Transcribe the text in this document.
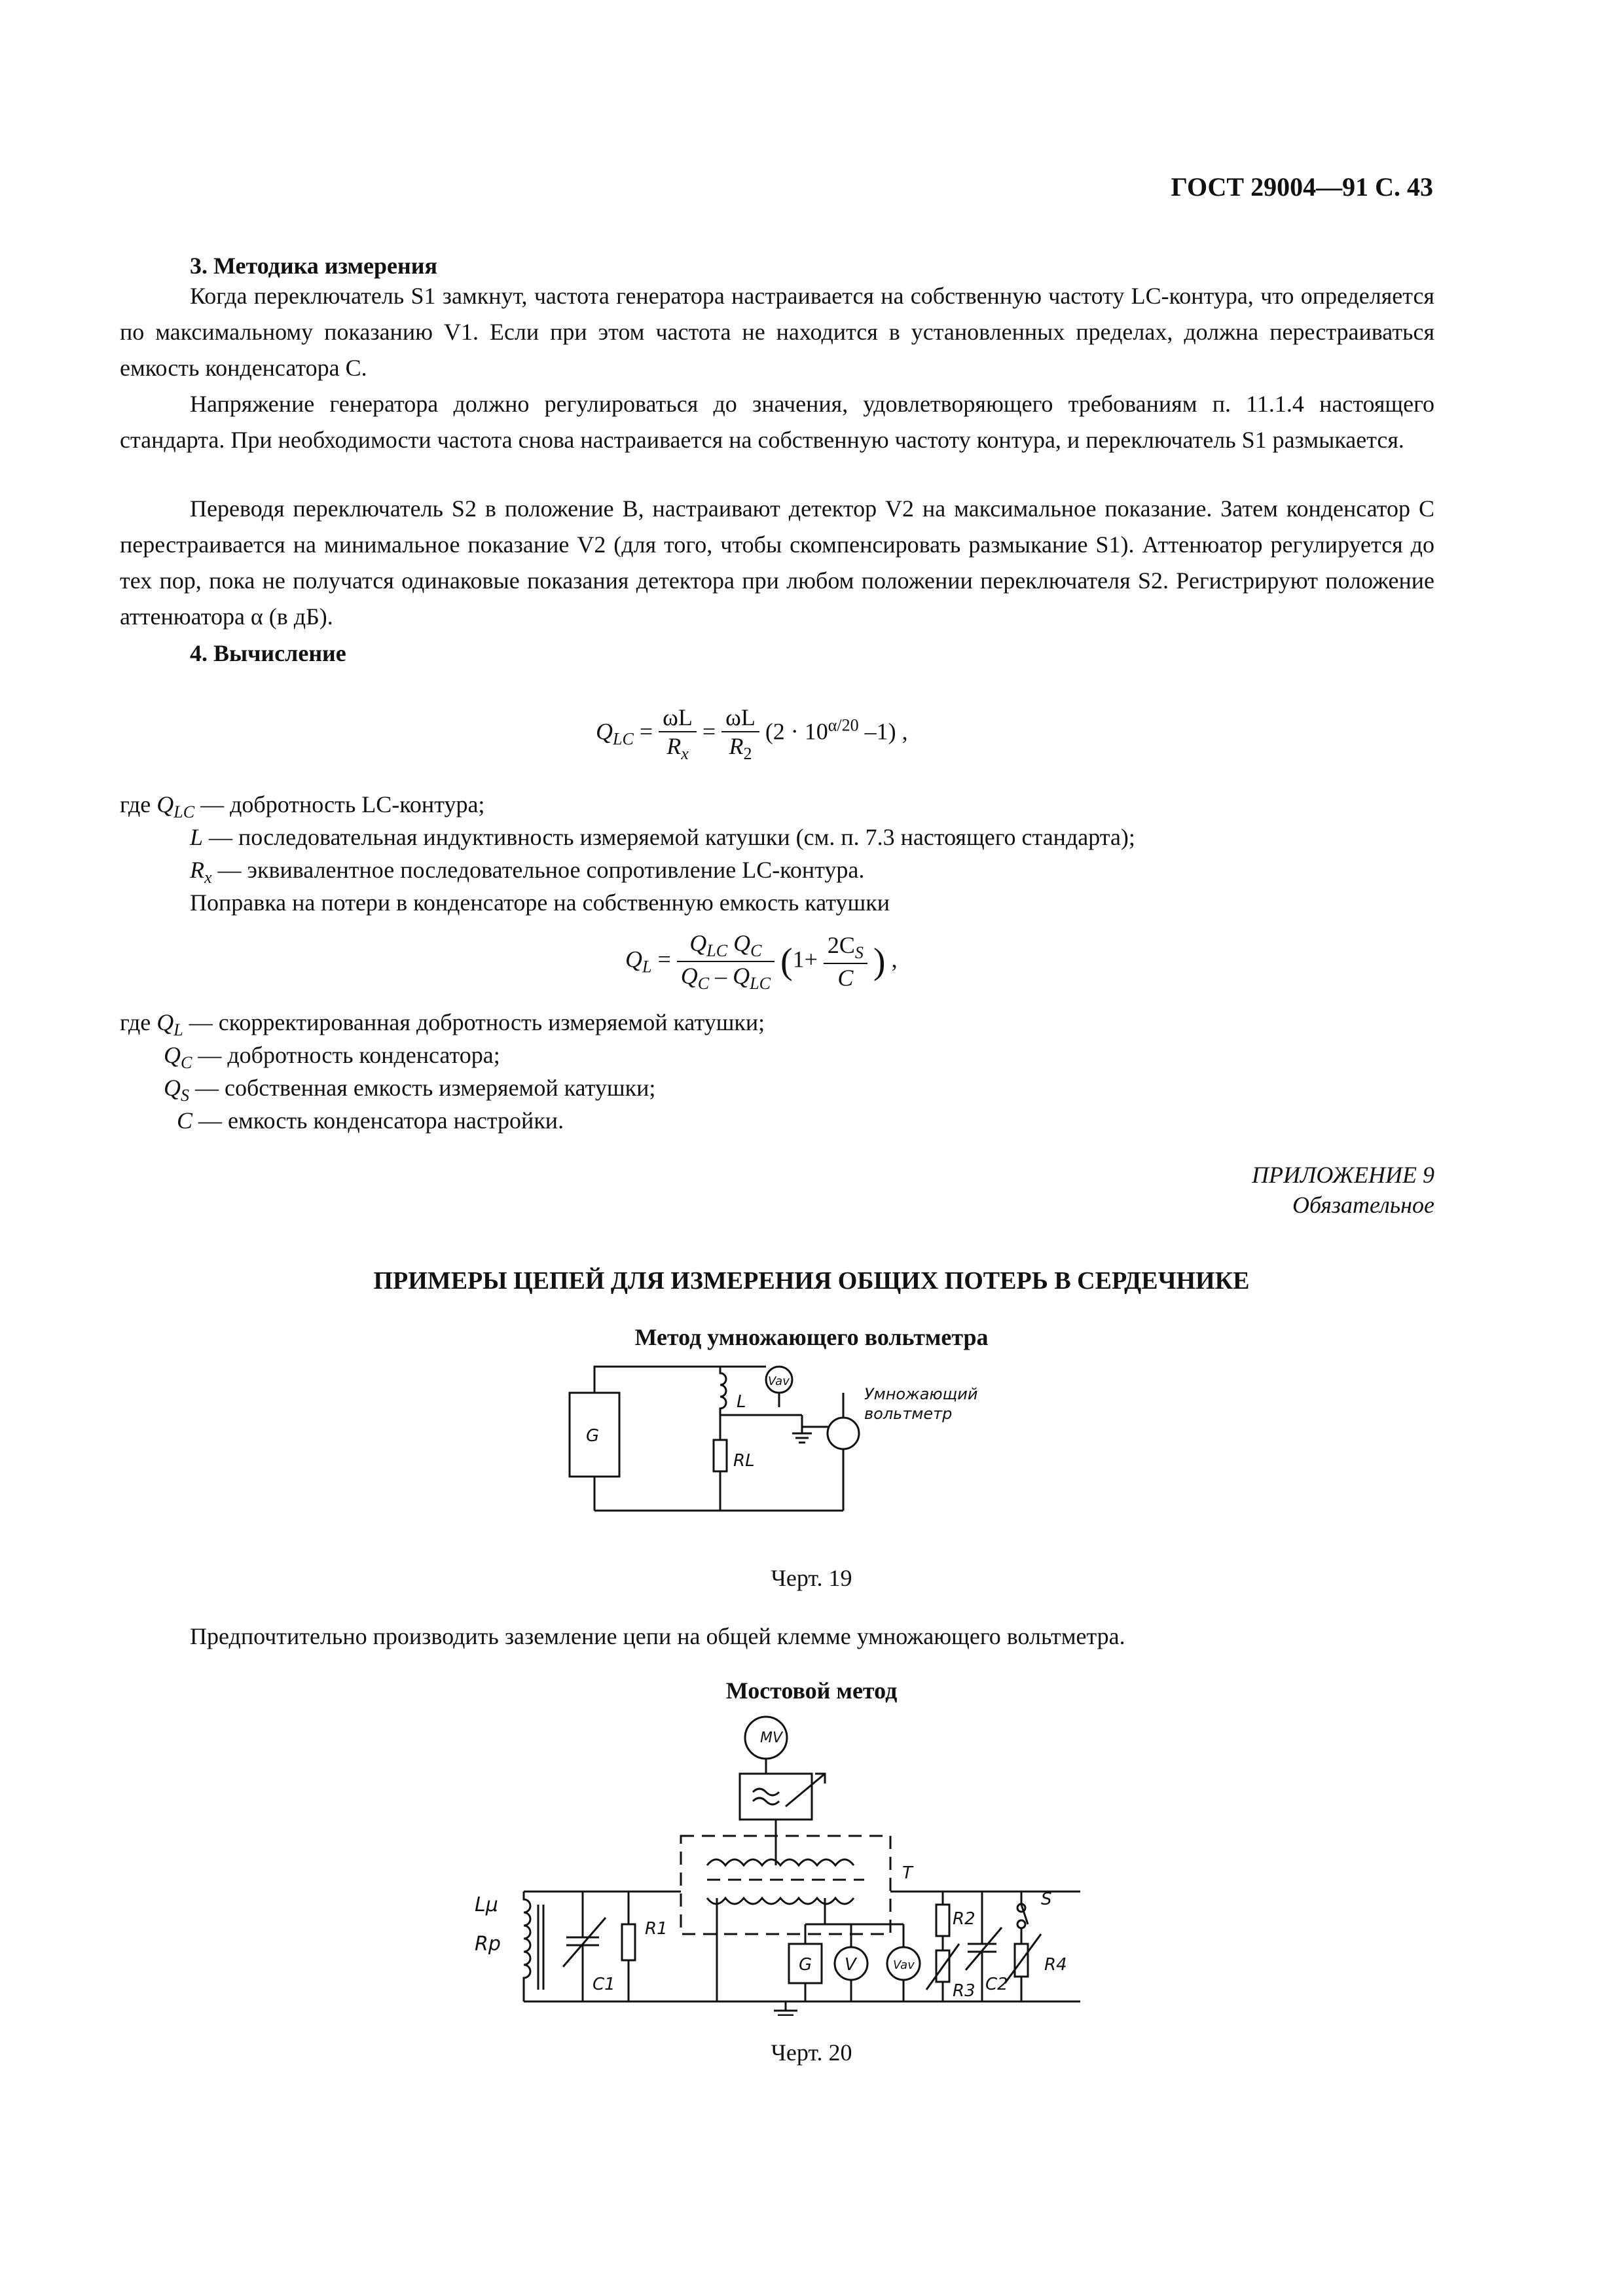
ГОСТ 29004—91 С. 43
3. Методика измерения
Когда переключатель S1 замкнут, частота генератора настраивается на собственную частоту LC-контура, что определяется по максимальному показанию V1. Если при этом частота не находится в установленных пределах, должна перестраиваться емкость конденсатора C.
Напряжение генератора должно регулироваться до значения, удовлетворяющего требованиям п. 11.1.4 настоящего стандарта. При необходимости частота снова настраивается на собственную частоту контура, и переключатель S1 размыкается.
Переводя переключатель S2 в положение B, настраивают детектор V2 на максимальное показание. Затем конденсатор C перестраивается на минимальное показание V2 (для того, чтобы скомпенсировать размыкание S1). Аттенюатор регулируется до тех пор, пока не получатся одинаковые показания детектора при любом положении переключателя S2. Регистрируют положение аттенюатора α (в дБ).
4. Вычисление
$Q_{LC} = \frac{\omega L}{R_x} = \frac{\omega L}{R_2} (2 \cdot 10^{\alpha/20}$ –1) ,
где $Q_{LC}$ — добротность LC-контура;
L — последовательная индуктивность измеряемой катушки (см. п. 7.3 настоящего стандарта);
$R_x$ — эквивалентное последовательное сопротивление LC-контура.
Поправка на потери в конденсаторе на собственную емкость катушки
$Q_L = \frac{Q_{LC} Q_C}{Q_C - Q_{LC}} (1+ \frac{2C_S}{C}$ ) ,
где $Q_L$ — скорректированная добротность измеряемой катушки;
$Q_C$ — добротность конденсатора;
$Q_S$ — собственная емкость измеряемой катушки;
C — емкость конденсатора настройки.
ПРИЛОЖЕНИЕ 9
Обязательное
ПРИМЕРЫ ЦЕПЕЙ ДЛЯ ИЗМЕРЕНИЯ ОБЩИХ ПОТЕРЬ В СЕРДЕЧНИКЕ
Метод умножающего вольтметра
G
L
Vav
RL
Умножающий
вольтметр
Черт. 19
Предпочтительно производить заземление цепи на общей клемме умножающего вольтметра.
Мостовой метод
MV
T
Lμ
Rp
C1
R1
G V	Vav
R2
R3 C2
R4
S
Черт. 20
